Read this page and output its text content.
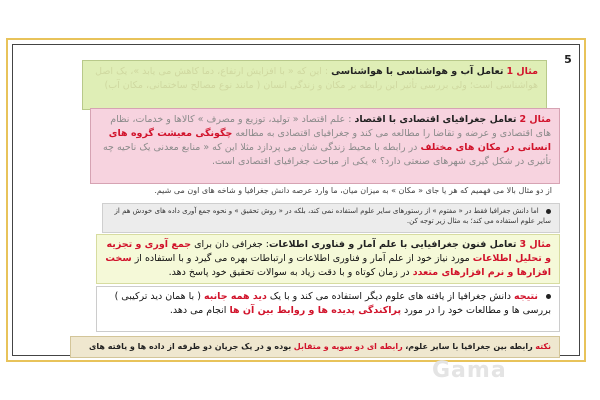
5
مثال 1 تعامل آب و هواشناسی با هواشناسی : این که « با افزایش ارتفاع، دما کاهش می یابد »، یک اصل هواشناسی است؛ ولی بررسی تأثیر این رابطه بر مکان و زندگی انسان ( مانند نوع مصالح ساختمانی، مکان آب)
مثال 2 تعامل جغرافیای اقتصادی با اقتصاد : علم اقتصاد « تولید، توزیع و مصرف » کالاها و خدمات، نظام های اقتصادی و عرضه و تقاضا را مطالعه می کند و جغرافیای اقتصادی به مطالعه چگونگی معیشت گروه های انسانی در مکان های مختلف در رابطه با محیط زندگی شان می پردازد مثلا این که « منابع معدنی یک ناحیه چه تأثیری در شکل گیری شهرهای صنعتی دارد؟ » یکی از مباحث جغرافیای اقتصادی است.
از دو مثال بالا می فهمیم که هر یا جای « مکان » به میزان میان، ما وارد عرصه دانش جغرافیا و شاخه های اون می شیم.
اما دانش جغرافیا فقط در « مفتوم » از رستورهای سایر علوم استفاده نمی کند، بلکه در « روش تحقیق » و نحوه جمع آوری داده های خودش هم از سایر علوم استفاده می کند؛ به مثال زیر توجه کن.
مثال 3 تعامل فنون جغرافیایی با علم آمار و فناوری اطلاعات: جغرافی دان برای جمع آوری و تجزیه و تحلیل اطلاعات مورد نیاز خود از علم آمار و فناوری اطلاعات و ارتباطات بهره می گیرد و با استفاده از سخت افزارها و نرم افزارهای متعدد در زمان کوتاه و با دقت زیاد به سوالات تحقیق خود پاسخ دهد.
نتیجه دانش جغرافیا از یافته های علوم دیگر استفاده می کند و با یک دید همه جانبه ( با همان دید ترکیبی ) بررسی ها و مطالعات خود را در مورد پراکندگی پدیده ها و روابط بین آن ها انجام می دهد.
نکته رابطه بین جغرافیا با سایر علوم، رابطه ای دو سویه و متقابل بوده و در یک جریان دو طرفه از داده ها و یافته های
Gama
